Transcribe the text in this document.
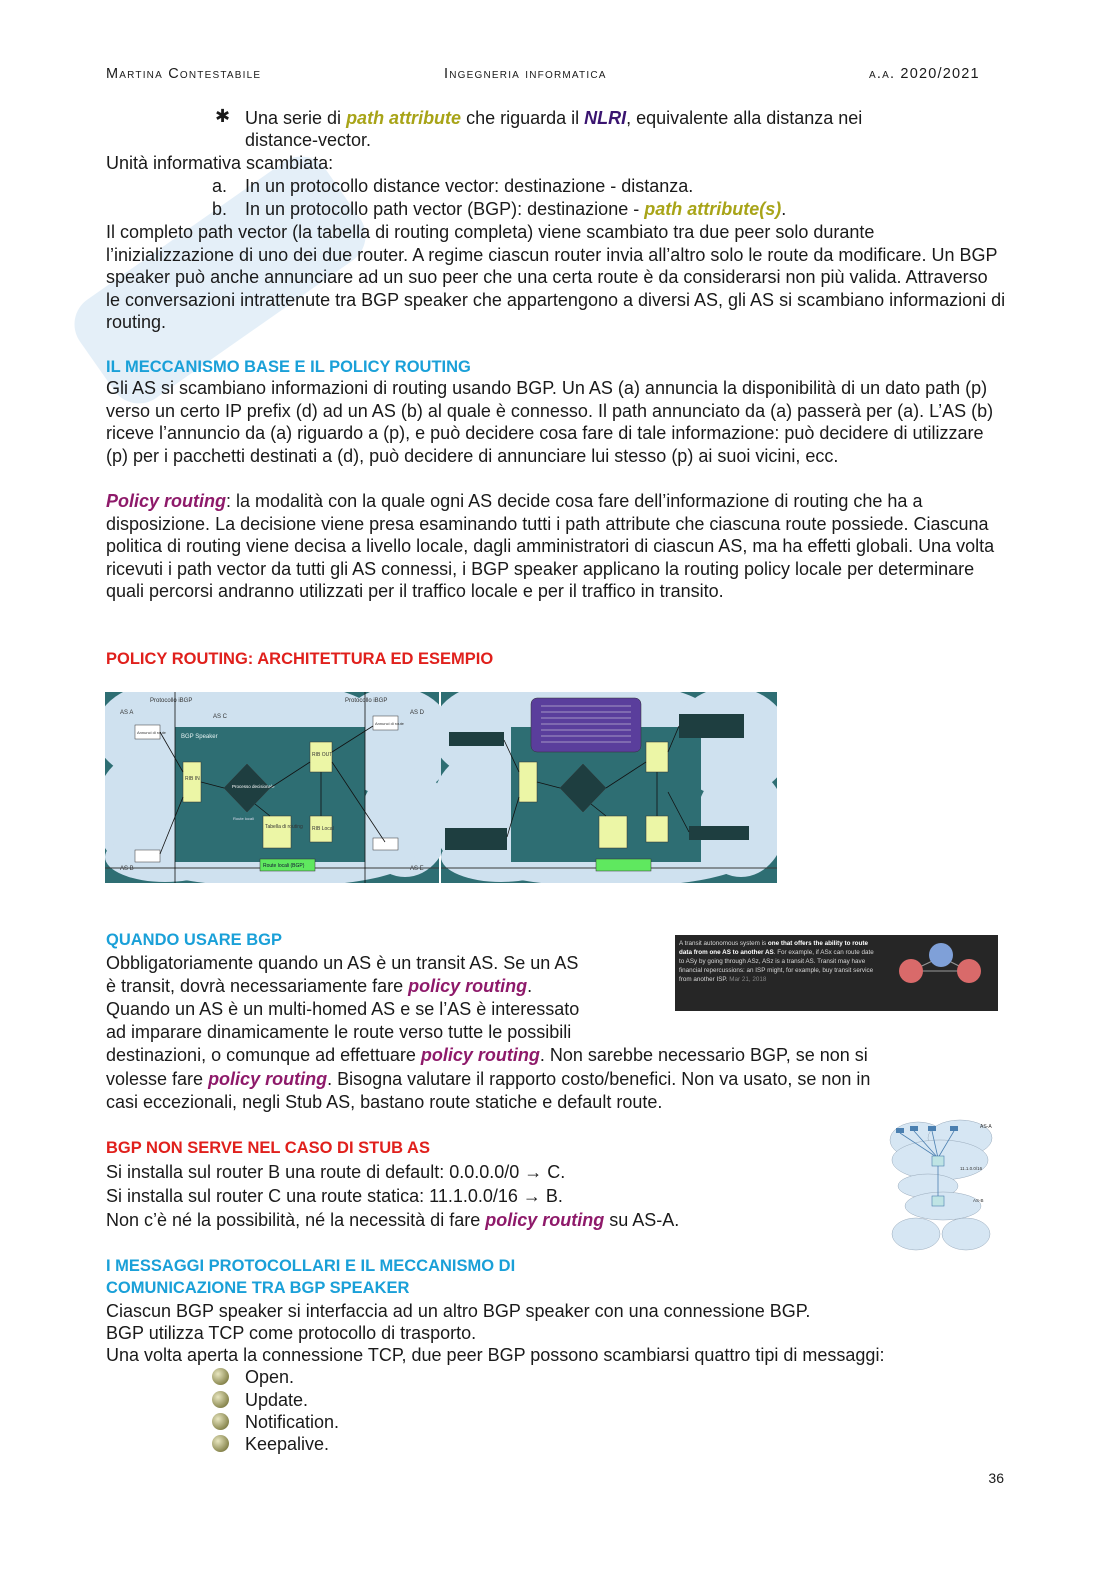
Martina Contestabile	Ingegneria informatica	a.a. 2020/2021
✱ Una serie di path attribute che riguarda il NLRI, equivalente alla distanza nei
distance-vector.
Unità informativa scambiata:
a. In un protocollo distance vector: destinazione - distanza.
b. In un protocollo path vector (BGP): destinazione - path attribute(s).

Il completo path vector (la tabella di routing completa) viene scambiato tra due peer solo durante l’inizializzazione di uno dei due router. A regime ciascun router invia all’altro solo le route da modificare. Un BGP speaker può anche annunciare ad un suo peer che una certa route è da considerarsi non più valida. Attraverso le conversazioni intrattenute tra BGP speaker che appartengono a diversi AS, gli AS si scambiano informazioni di routing.

IL MECCANISMO BASE E IL POLICY ROUTING

Gli AS si scambiano informazioni di routing usando BGP. Un AS (a) annuncia la disponibilità di un dato path (p) verso un certo IP prefix (d) ad un AS (b) al quale è connesso. Il path annunciato da (a) passerà per (a). L’AS (b) riceve l’annuncio da (a) riguardo a (p), e può decidere cosa fare di tale informazione: può decidere di utilizzare (p) per i pacchetti destinati a (d), può decidere di annunciare lui stesso (p) ai suoi vicini, ecc.

Policy routing: la modalità con la quale ogni AS decide cosa fare dell’informazione di routing che ha a disposizione. La decisione viene presa esaminando tutti i path attribute che ciascuna route possiede. Ciascuna politica di routing viene decisa a livello locale, dagli amministratori di ciascun AS, ma ha effetti globali. Una volta ricevuti i path vector da tutti gli AS connessi, i BGP speaker applicano la routing policy locale per determinare quali percorsi andranno utilizzati per il traffico locale e per il traffico in transito.

POLICY ROUTING: ARCHITETTURA ED ESEMPIO
Protocollo iBGP	Protocollo iBGP
AS A
AS C
AS D
AS B	AS E
BGP Speaker
Annunci di route
Annunci di route
RIB IN
Processo decisionale
RIB OUT
Tabella di routing RIB Local
Route locali (BGP)
Route locali
QUANDO USARE BGP
Obbligatoriamente quando un AS è un transit AS. Se un AS
è transit, dovrà necessariamente fare policy routing.
Quando un AS è un multi-homed AS e se l’AS è interessato
ad imparare dinamicamente le route verso tutte le possibili
destinazioni, o comunque ad effettuare policy routing. Non sarebbe necessario BGP, se non si
volesse fare policy routing. Bisogna valutare il rapporto costo/benefici. Non va usato, se non in
casi eccezionali, negli Stub AS, bastano route statiche e default route.
A transit autonomous system is one that offers the ability to route data from one AS to another AS. For example, if ASx can route date to ASy by going through ASz, ASz is a transit AS. Transit may have financial repercussions: an ISP might, for example, buy transit service from another ISP. Mar 21, 2018
BGP NON SERVE NEL CASO DI STUB AS
Si installa sul router B una route di default: 0.0.0.0/0 → C.
Si installa sul router C una route statica: 11.1.0.0/16 → B.
Non c’è né la possibilità, né la necessità di fare policy routing su AS-A.
AS-A
11.1.0.0/16
AS-B
I MESSAGGI PROTOCOLLARI E IL MECCANISMO DI
COMUNICAZIONE TRA BGP SPEAKER
Ciascun BGP speaker si interfaccia ad un altro BGP speaker con una connessione BGP.
BGP utilizza TCP come protocollo di trasporto.
Una volta aperta la connessione TCP, due peer BGP possono scambiarsi quattro tipi di messaggi:
Open.
Update.
Notification.
Keepalive.
36
